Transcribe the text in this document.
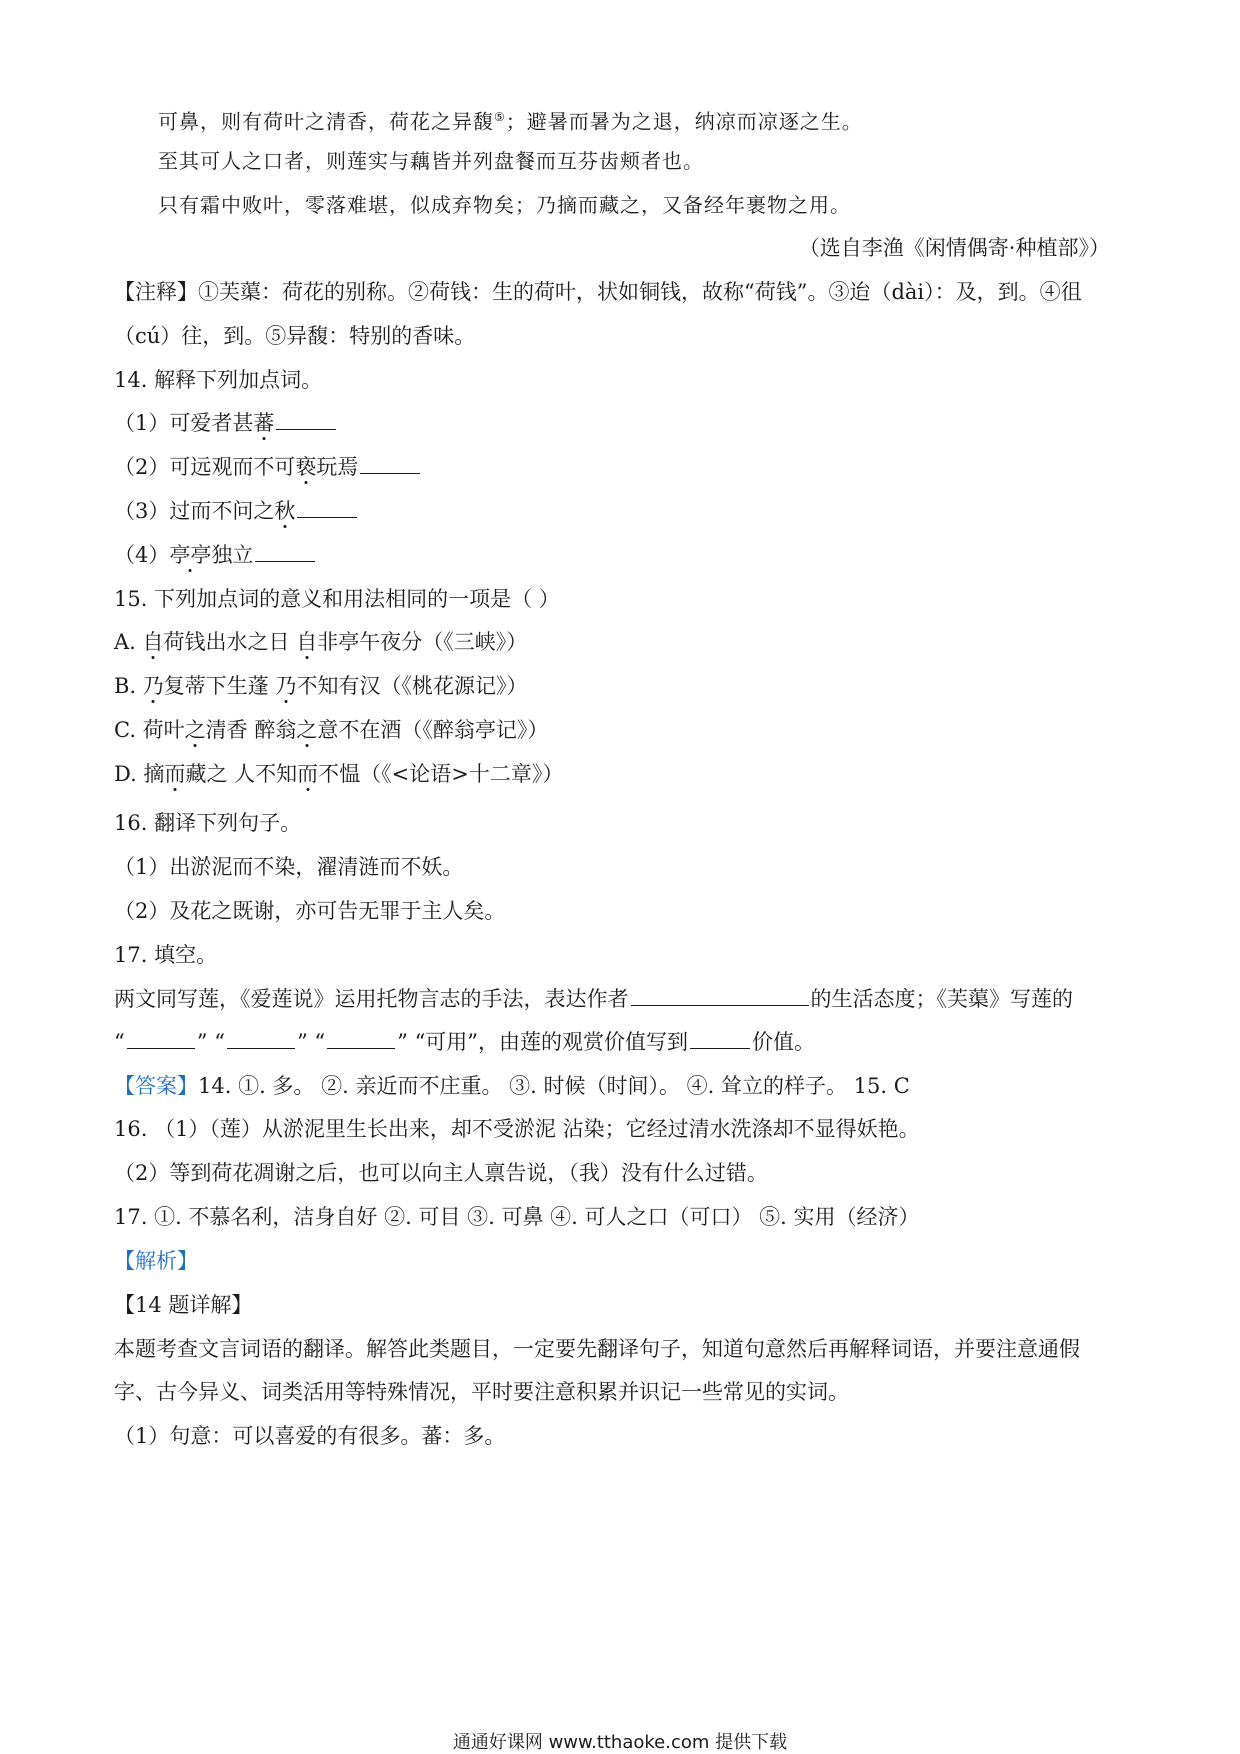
可鼻，则有荷叶之清香，荷花之异馥⑤；避暑而暑为之退，纳凉而凉逐之生。
至其可人之口者，则莲实与藕皆并列盘餐而互芬齿颊者也。
只有霜中败叶，零落难堪，似成弃物矣；乃摘而藏之，又备经年裹物之用。
（选自李渔《闲情偶寄·种植部》）
【注释】①芙蕖：荷花的别称。②荷钱：生的荷叶，状如铜钱，故称“荷钱”。③迨（dài）：及，到。④徂
（cú）往，到。⑤异馥：特别的香味。
14. 解释下列加点词。
（1）可爱者甚蕃
（2）可远观而不可亵玩焉
（3）过而不问之秋
（4）亭亭独立
15. 下列加点词的意义和用法相同的一项是（ ）
A. 自荷钱出水之日 自非亭午夜分（《三峡》）
B. 乃复蒂下生蓬 乃不知有汉（《桃花源记》）
C. 荷叶之清香 醉翁之意不在酒（《醉翁亭记》）
D. 摘而藏之 人不知而不愠（《<论语>十二章》）
16. 翻译下列句子。
（1）出淤泥而不染，濯清涟而不妖。
（2）及花之既谢，亦可告无罪于主人矣。
17. 填空。
两文同写莲，《爱莲说》运用托物言志的手法，表达作者	的生活态度；《芙蕖》写莲的
“	” “	” “	” “可用”，由莲的观赏价值写到	价值。
【答案】14. ①. 多。 ②. 亲近而不庄重。 ③. 时候（时间）。 ④. 耸立的样子。 15. C
16. （1）（莲）从淤泥里生长出来，却不受淤泥 沾染；它经过清水洗涤却不显得妖艳。
（2）等到荷花凋谢之后，也可以向主人禀告说，（我）没有什么过错。
17. ①. 不慕名利，洁身自好 ②. 可目 ③. 可鼻 ④. 可人之口（可口） ⑤. 实用（经济）
【解析】
【14 题详解】
本题考查文言词语的翻译。解答此类题目，一定要先翻译句子，知道句意然后再解释词语，并要注意通假
字、古今异义、词类活用等特殊情况，平时要注意积累并识记一些常见的实词。
（1）句意：可以喜爱的有很多。蕃：多。
通通好课网 www.tthaoke.com 提供下载
